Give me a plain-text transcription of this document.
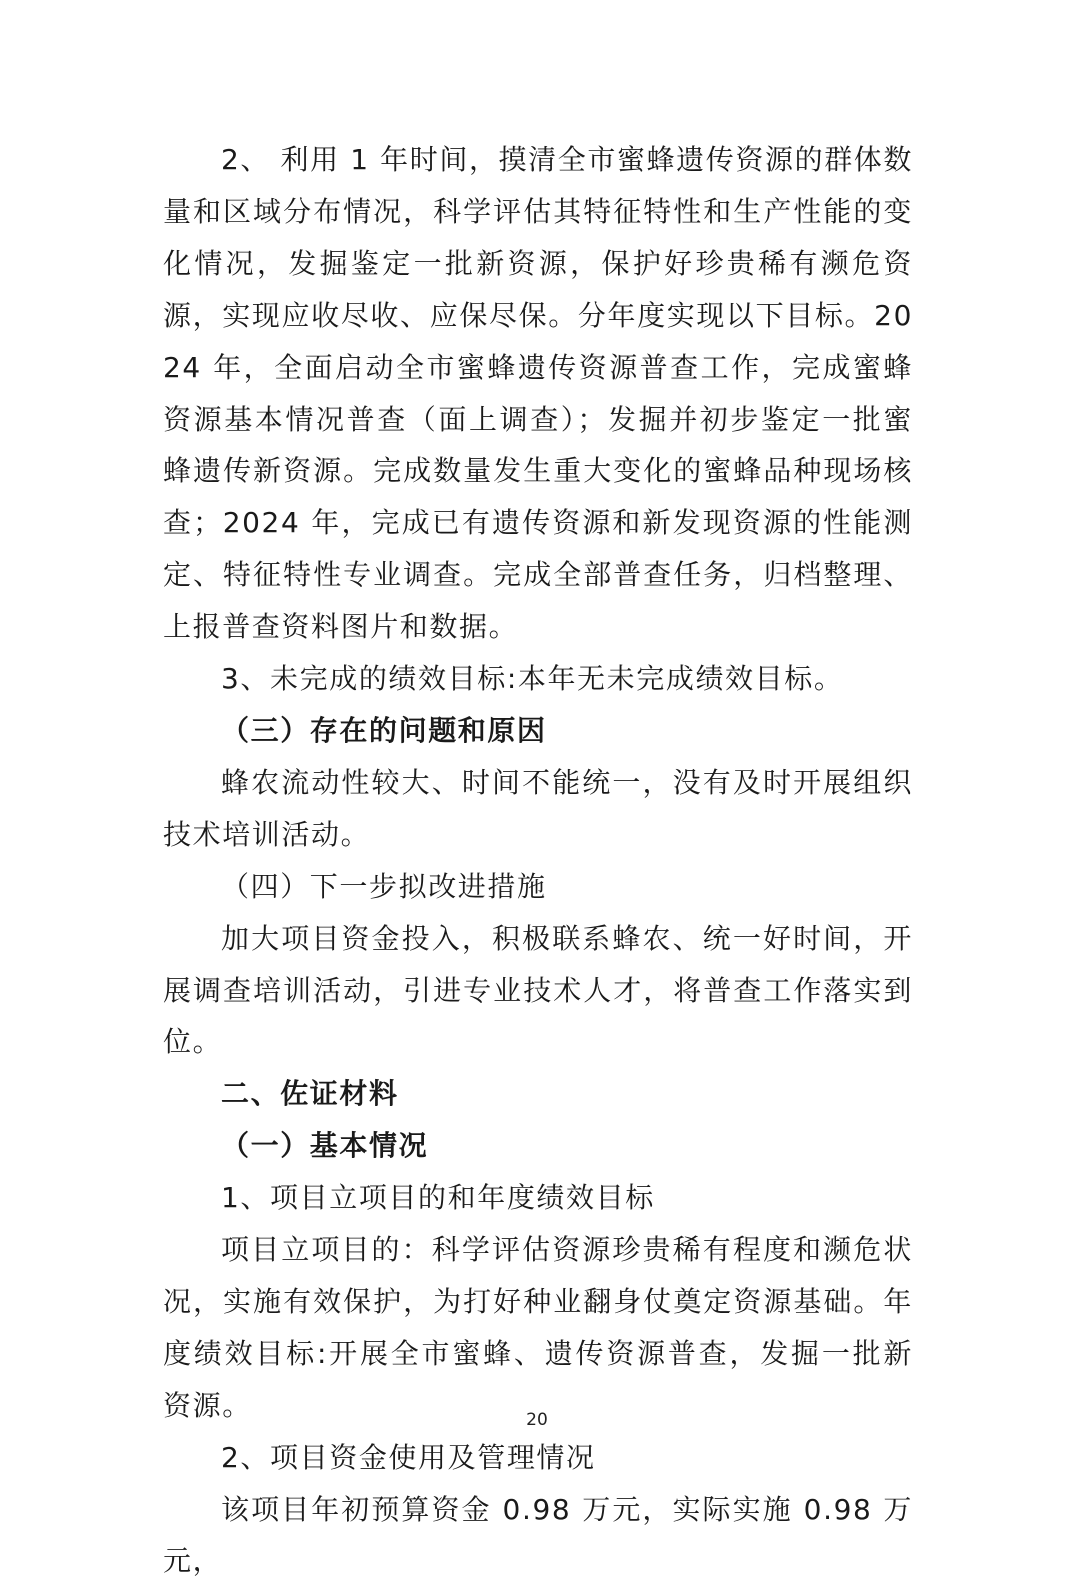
2、 利用 1 年时间，摸清全市蜜蜂遗传资源的群体数量和区域分布情况，科学评估其特征特性和生产性能的变化情况，发掘鉴定一批新资源，保护好珍贵稀有濒危资源，实现应收尽收、应保尽保。分年度实现以下目标。2024 年，全面启动全市蜜蜂遗传资源普查工作，完成蜜蜂资源基本情况普查（面上调查）；发掘并初步鉴定一批蜜蜂遗传新资源。完成数量发生重大变化的蜜蜂品种现场核查；2024 年，完成已有遗传资源和新发现资源的性能测定、特征特性专业调查。完成全部普查任务，归档整理、上报普查资料图片和数据。

3、未完成的绩效目标:本年无未完成绩效目标。

（三）存在的问题和原因

蜂农流动性较大、时间不能统一，没有及时开展组织技术培训活动。

（四）下一步拟改进措施

加大项目资金投入，积极联系蜂农、统一好时间，开展调查培训活动，引进专业技术人才，将普查工作落实到位。

二、佐证材料

（一）基本情况

1、项目立项目的和年度绩效目标

项目立项目的：科学评估资源珍贵稀有程度和濒危状况，实施有效保护，为打好种业翻身仗奠定资源基础。年度绩效目标:开展全市蜜蜂、遗传资源普查，发掘一批新资源。

2、项目资金使用及管理情况

该项目年初预算资金 0.98 万元，实际实施 0.98 万元，

20
